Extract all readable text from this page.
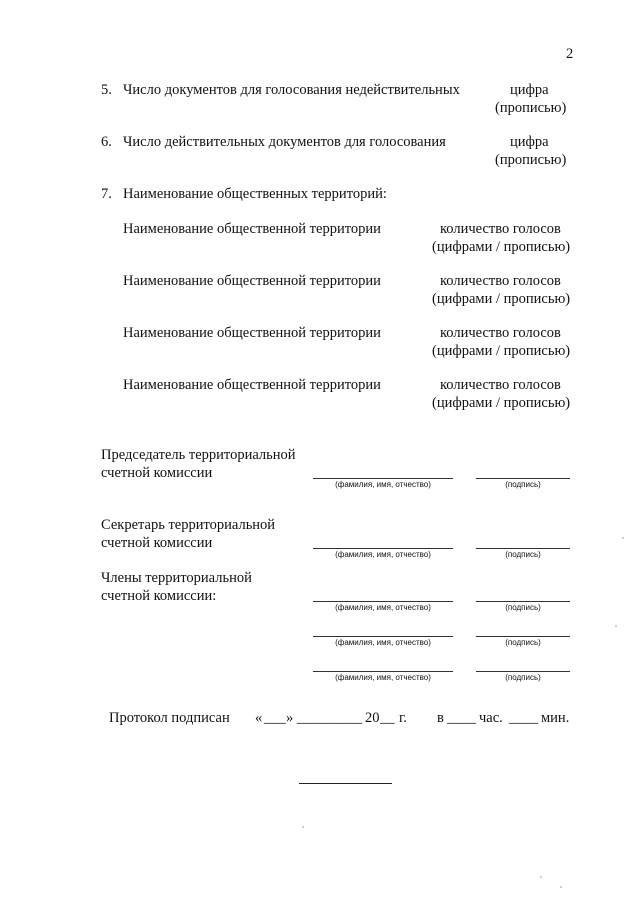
2
5. Число документов для голосования недействительных	цифра
(прописью)
6. Число действительных документов для голосования	цифра
(прописью)
7. Наименование общественных территорий:
Наименование общественной территории	количество голосов
(цифрами / прописью)
Наименование общественной территории	количество голосов
(цифрами / прописью)
Наименование общественной территории	количество голосов
(цифрами / прописью)
Наименование общественной территории	количество голосов
(цифрами / прописью)
Председатель территориальной
счетной комиссии
(фамилия, имя, отчество)	(подпись)
Секретарь территориальной
счетной комиссии
(фамилия, имя, отчество)	(подпись)
Члены территориальной
счетной комиссии:
(фамилия, имя, отчество)	(подпись)
(фамилия, имя, отчество)	(подпись)
(фамилия, имя, отчество)	(подпись)
Протокол подписан « ___ » _________ 20 __ г. в ____ час. ____ мин.
